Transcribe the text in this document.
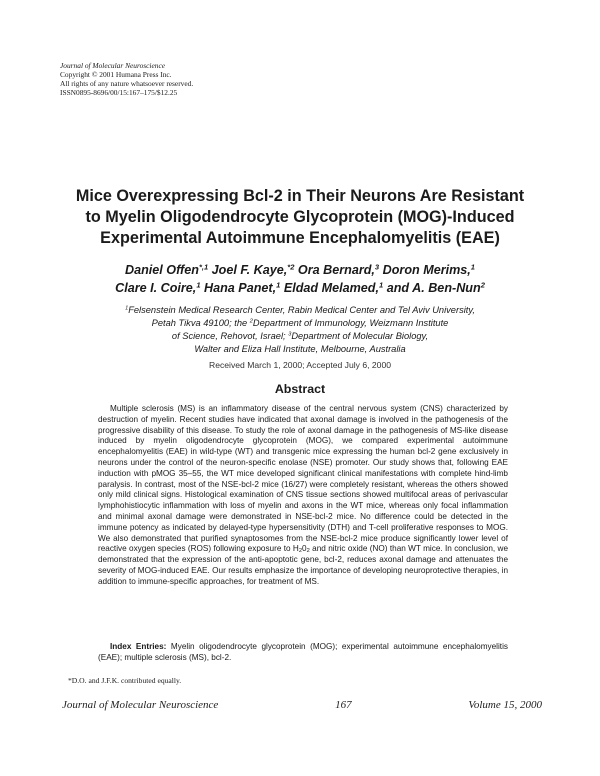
Journal of Molecular Neuroscience
Copyright © 2001 Humana Press Inc.
All rights of any nature whatsoever reserved.
ISSN0895-8696/00/15:167–175/$12.25
Mice Overexpressing Bcl-2 in Their Neurons Are Resistant
to Myelin Oligodendrocyte Glycoprotein (MOG)-Induced
Experimental Autoimmune Encephalomyelitis (EAE)
Daniel Offen$^{*,1}$ Joel F. Kaye,$^{*2}$ Ora Bernard,$^3$ Doron Merims,$^1$
Clare I. Coire,$^1$ Hana Panet,$^1$ Eldad Melamed,$^1$ and A. Ben-Nun$^2$
$^1$Felsenstein Medical Research Center, Rabin Medical Center and Tel Aviv University,
Petah Tikva 49100; the $^2$Department of Immunology, Weizmann Institute
of Science, Rehovot, Israel; $^3$Department of Molecular Biology,
Walter and Eliza Hall Institute, Melbourne, Australia
Received March 1, 2000; Accepted July 6, 2000
Abstract
Multiple sclerosis (MS) is an inflammatory disease of the central nervous system (CNS) characterized by destruction of myelin. Recent studies have indicated that axonal damage is involved in the pathogenesis of the progressive disability of this disease. To study the role of axonal damage in the pathogenesis of MS-like disease induced by myelin oligodendrocyte glycoprotein (MOG), we compared experimental autoimmune encephalomyelitis (EAE) in wild-type (WT) and transgenic mice expressing the human bcl-2 gene exclusively in neurons under the control of the neuron-specific enolase (NSE) promoter. Our study shows that, following EAE induction with pMOG 35–55, the WT mice developed significant clinical manifestations with complete hind-limb paralysis. In contrast, most of the NSE-bcl-2 mice (16/27) were completely resistant, whereas the others showed only mild clinical signs. Histological examination of CNS tissue sections showed multifocal areas of perivascular lymphohistiocytic inflammation with loss of myelin and axons in the WT mice, whereas only focal inflammation and minimal axonal damage were demonstrated in NSE-bcl-2 mice. No difference could be detected in the immune potency as indicated by delayed-type hypersensitivity (DTH) and T-cell proliferative responses to MOG. We also demonstrated that purified synaptosomes from the NSE-bcl-2 mice produce significantly lower level of reactive oxygen species (ROS) following exposure to $H_20_2$ and nitric oxide (NO) than WT mice. In conclusion, we demonstrated that the expression of the anti-apoptotic gene, bcl-2, reduces axonal damage and attenuates the severity of MOG-induced EAE. Our results emphasize the importance of developing neuroprotective therapies, in addition to immune-specific approaches, for treatment of MS.
Index Entries: Myelin oligodendrocyte glycoprotein (MOG); experimental autoimmune encephalomyelitis (EAE); multiple sclerosis (MS), bcl-2.
*D.O. and J.F.K. contributed equally.
Journal of Molecular Neuroscience	167	Volume 15, 2000
